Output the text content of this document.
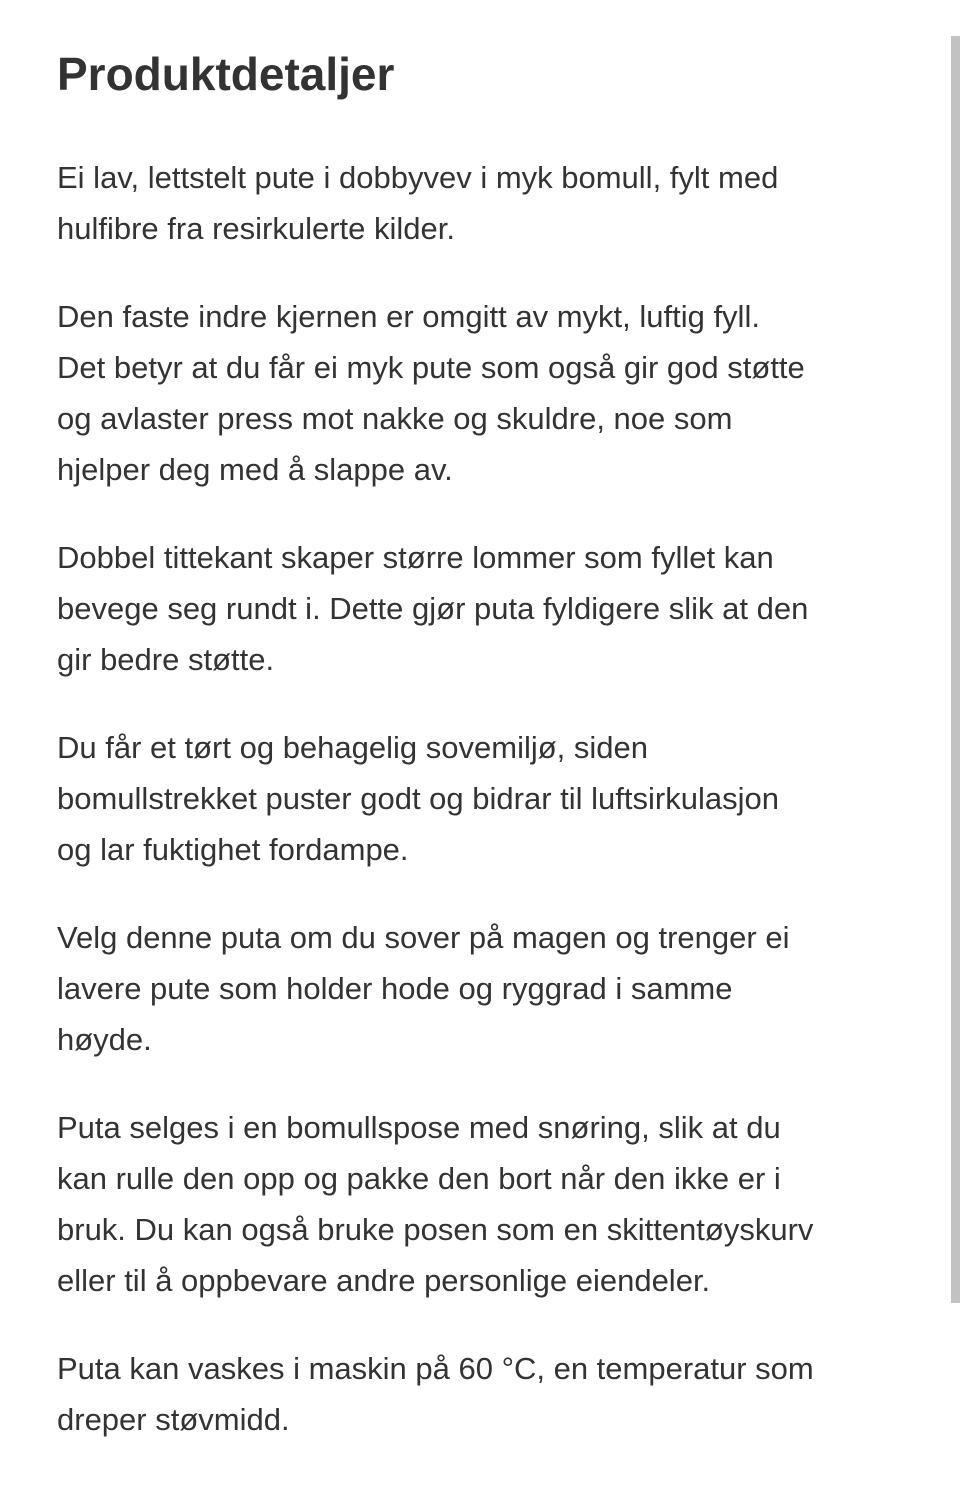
Produktdetaljer

Ei lav, lettstelt pute i dobbyvev i myk bomull, fylt med
hulfibre fra resirkulerte kilder.

Den faste indre kjernen er omgitt av mykt, luftig fyll.
Det betyr at du får ei myk pute som også gir god støtte
og avlaster press mot nakke og skuldre, noe som
hjelper deg med å slappe av.

Dobbel tittekant skaper større lommer som fyllet kan
bevege seg rundt i. Dette gjør puta fyldigere slik at den
gir bedre støtte.

Du får et tørt og behagelig sovemiljø, siden
bomullstrekket puster godt og bidrar til luftsirkulasjon
og lar fuktighet fordampe.

Velg denne puta om du sover på magen og trenger ei
lavere pute som holder hode og ryggrad i samme
høyde.

Puta selges i en bomullspose med snøring, slik at du
kan rulle den opp og pakke den bort når den ikke er i
bruk. Du kan også bruke posen som en skittentøyskurv
eller til å oppbevare andre personlige eiendeler.

Puta kan vaskes i maskin på 60 °C, en temperatur som
dreper støvmidd.
